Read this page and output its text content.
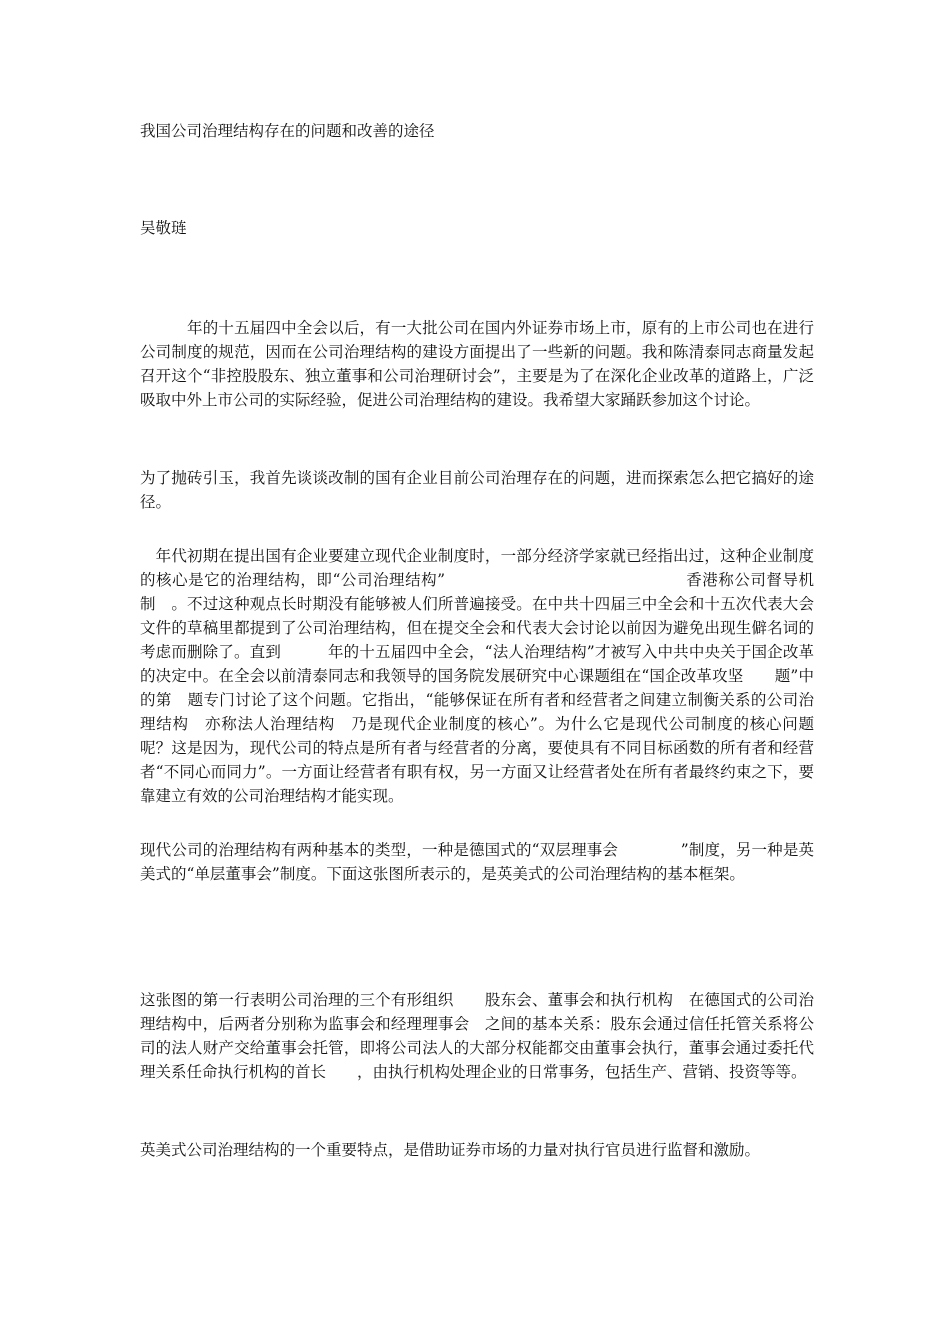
我国公司治理结构存在的问题和改善的途径

吴敬琏

　　　年的十五届四中全会以后，有一大批公司在国内外证券市场上市，原有的上市公司也在进行公司制度的规范，因而在公司治理结构的建设方面提出了一些新的问题。我和陈清泰同志商量发起召开这个“非控股股东、独立董事和公司治理研讨会”，主要是为了在深化企业改革的道路上，广泛吸取中外上市公司的实际经验，促进公司治理结构的建设。我希望大家踊跃参加这个讨论。

为了抛砖引玉，我首先谈谈改制的国有企业目前公司治理存在的问题，进而探索怎么把它搞好的途径。

　年代初期在提出国有企业要建立现代企业制度时，一部分经济学家就已经指出过，这种企业制度的核心是它的治理结构，即“公司治理结构”　　　　　　　　　　　　　　　香港称公司督导机制　。不过这种观点长时期没有能够被人们所普遍接受。在中共十四届三中全会和十五次代表大会文件的草稿里都提到了公司治理结构，但在提交全会和代表大会讨论以前因为避免出现生僻名词的考虑而删除了。直到　　　年的十五届四中全会，“法人治理结构”才被写入中共中央关于国企改革的决定中。在全会以前清泰同志和我领导的国务院发展研究中心课题组在“国企改革攻坚　　题”中的第　题专门讨论了这个问题。它指出，“能够保证在所有者和经营者之间建立制衡关系的公司治理结构　亦称法人治理结构　乃是现代企业制度的核心”。为什么它是现代公司制度的核心问题呢？这是因为，现代公司的特点是所有者与经营者的分离，要使具有不同目标函数的所有者和经营者“不同心而同力”。一方面让经营者有职有权，另一方面又让经营者处在所有者最终约束之下，要靠建立有效的公司治理结构才能实现。

现代公司的治理结构有两种基本的类型，一种是德国式的“双层理事会　　　　”制度，另一种是英美式的“单层董事会”制度。下面这张图所表示的，是英美式的公司治理结构的基本框架。

这张图的第一行表明公司治理的三个有形组织　　股东会、董事会和执行机构　在德国式的公司治理结构中，后两者分别称为监事会和经理理事会　之间的基本关系：股东会通过信任托管关系将公司的法人财产交给董事会托管，即将公司法人的大部分权能都交由董事会执行，董事会通过委托代理关系任命执行机构的首长　　，由执行机构处理企业的日常事务，包括生产、营销、投资等等。

英美式公司治理结构的一个重要特点，是借助证券市场的力量对执行官员进行监督和激励。
